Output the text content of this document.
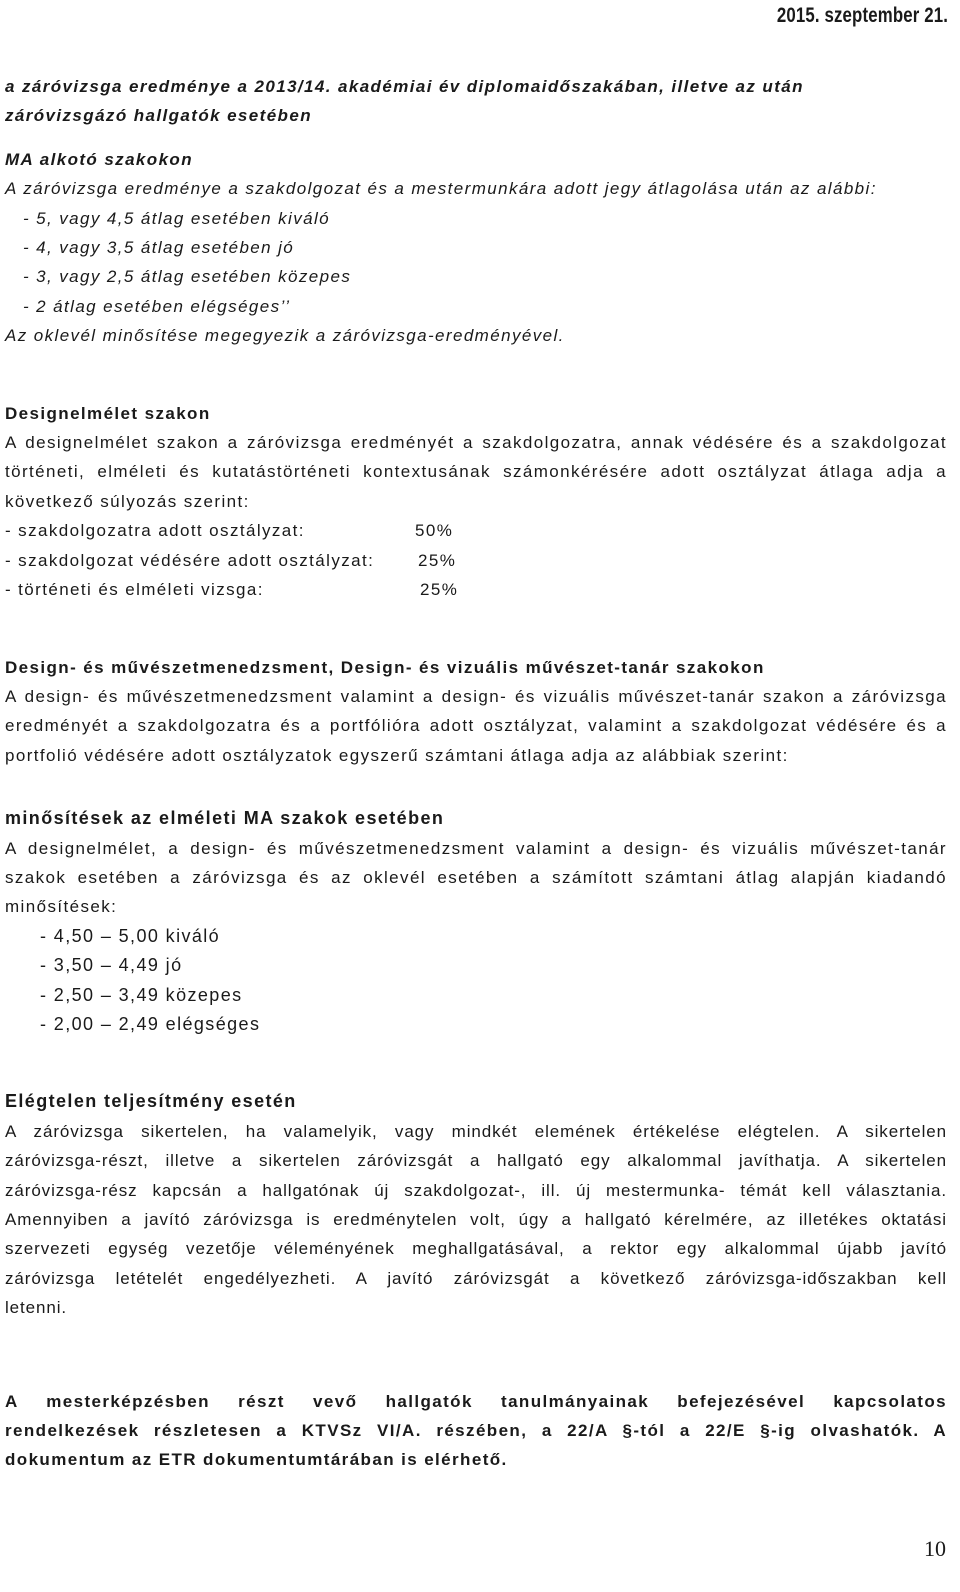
2015. szeptember 21.
a záróvizsga eredménye a 2013/14. akadémiai év diplomaidőszakában, illetve az után
záróvizsgázó hallgatók esetében
MA alkotó szakokon
A záróvizsga eredménye a szakdolgozat és a mestermunkára adott jegy átlagolása után az alábbi:
- 5, vagy 4,5 átlag esetében kiváló
- 4, vagy 3,5 átlag esetében jó
- 3, vagy 2,5 átlag esetében közepes
- 2 átlag esetében elégséges’’
Az oklevél minősítése megegyezik a záróvizsga-eredményével.
Designelmélet szakon
A designelmélet szakon a záróvizsga eredményét a szakdolgozatra, annak védésére és a szakdolgozat
történeti, elméleti és kutatástörténeti kontextusának számonkérésére adott osztályzat átlaga adja a
következő súlyozás szerint:
- szakdolgozatra adott osztályzat:	50%
- szakdolgozat védésére adott osztályzat:	25%
- történeti és elméleti vizsga:	25%
Design- és művészetmenedzsment, Design- és vizuális művészet-tanár szakokon
A design- és művészetmenedzsment valamint a design- és vizuális művészet-tanár szakon a záróvizsga
eredményét a szakdolgozatra és a portfólióra adott osztályzat, valamint a szakdolgozat védésére és a
portfolió védésére adott osztályzatok egyszerű számtani átlaga adja az alábbiak szerint:
minősítések az elméleti MA szakok esetében
A designelmélet, a design- és művészetmenedzsment valamint a design- és vizuális művészet-tanár
szakok esetében a záróvizsga és az oklevél esetében a számított számtani átlag alapján kiadandó
minősítések:
- 4,50 – 5,00 kiváló
- 3,50 – 4,49 jó
- 2,50 – 3,49 közepes
- 2,00 – 2,49 elégséges
Elégtelen teljesítmény esetén
A záróvizsga sikertelen, ha valamelyik, vagy mindkét elemének értékelése elégtelen. A sikertelen
záróvizsga-részt, illetve a sikertelen záróvizsgát a hallgató egy alkalommal javíthatja. A sikertelen
záróvizsga-rész kapcsán a hallgatónak új szakdolgozat-, ill. új mestermunka- témát kell választania.
Amennyiben a javító záróvizsga is eredménytelen volt, úgy a hallgató kérelmére, az illetékes oktatási
szervezeti egység vezetője véleményének meghallgatásával, a rektor egy alkalommal újabb javító
záróvizsga letételét engedélyezheti. A javító záróvizsgát a következő záróvizsga-időszakban kell
letenni.
A mesterképzésben részt vevő hallgatók tanulmányainak befejezésével kapcsolatos
rendelkezések részletesen a KTVSz VI/A. részében, a 22/A §-tól a 22/E §-ig olvashatók. A
dokumentum az ETR dokumentumtárában is elérhető.
10
